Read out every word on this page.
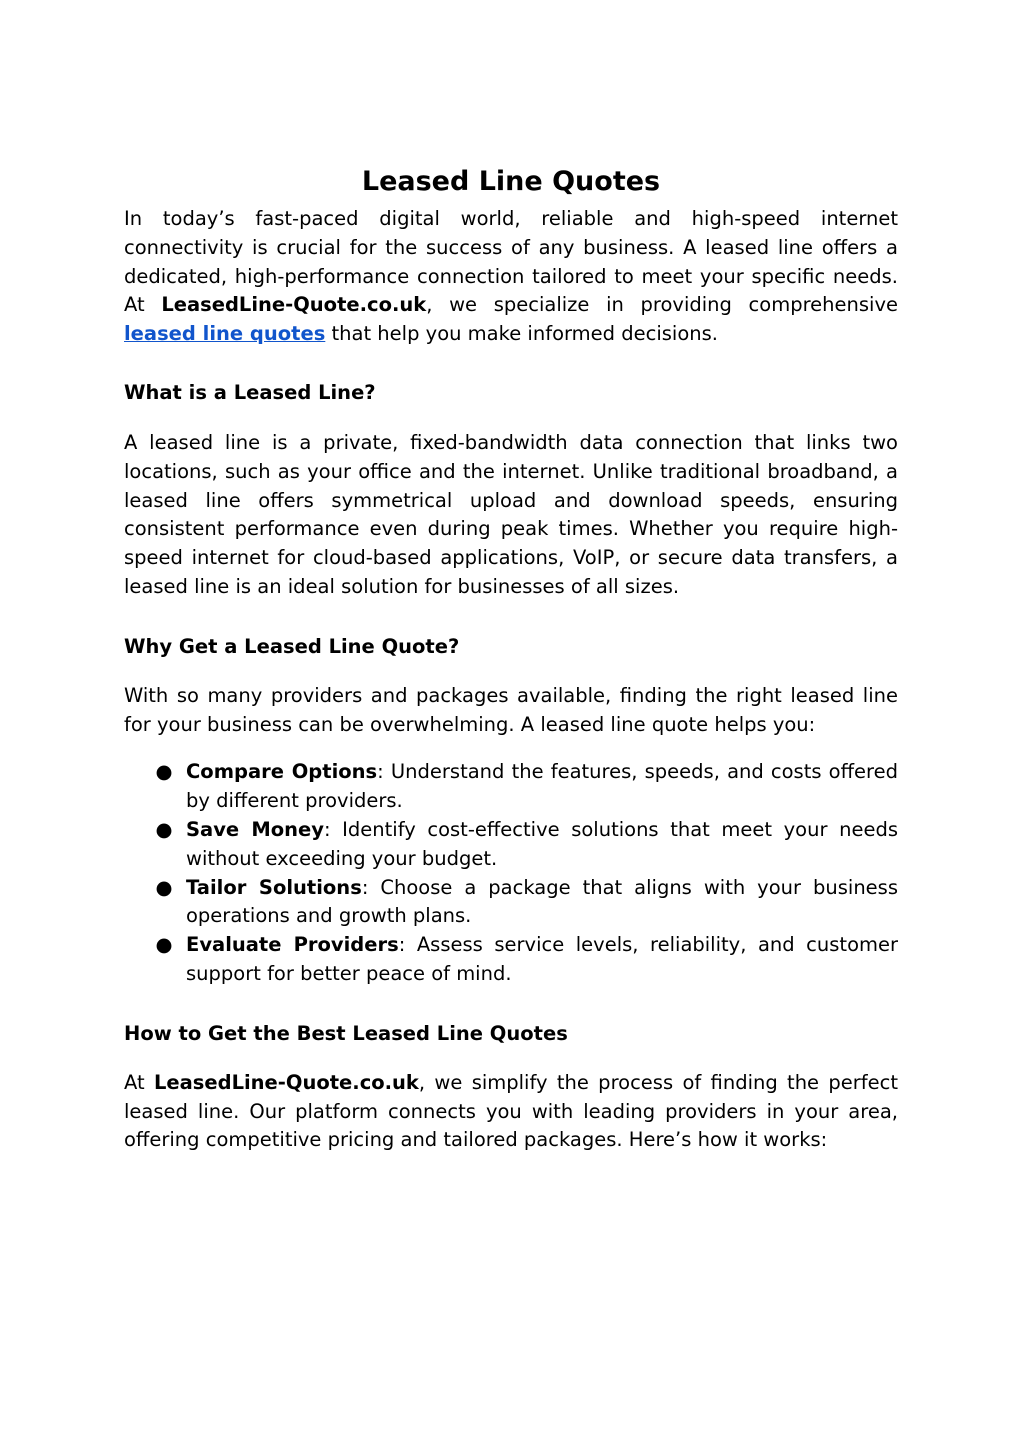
Leased Line Quotes

In today’s fast-paced digital world, reliable and high-speed internet connectivity is crucial for the success of any business. A leased line offers a dedicated, high-performance connection tailored to meet your specific needs. At LeasedLine-Quote.co.uk, we specialize in providing comprehensive leased line quotes that help you make informed decisions.

What is a Leased Line?

A leased line is a private, fixed-bandwidth data connection that links two locations, such as your office and the internet. Unlike traditional broadband, a leased line offers symmetrical upload and download speeds, ensuring consistent performance even during peak times. Whether you require high-speed internet for cloud-based applications, VoIP, or secure data transfers, a leased line is an ideal solution for businesses of all sizes.

Why Get a Leased Line Quote?

With so many providers and packages available, finding the right leased line for your business can be overwhelming. A leased line quote helps you:

● Compare Options: Understand the features, speeds, and costs offered by different providers.
● Save Money: Identify cost-effective solutions that meet your needs without exceeding your budget.
● Tailor Solutions: Choose a package that aligns with your business operations and growth plans.
● Evaluate Providers: Assess service levels, reliability, and customer support for better peace of mind.
How to Get the Best Leased Line Quotes

At LeasedLine-Quote.co.uk, we simplify the process of finding the perfect leased line. Our platform connects you with leading providers in your area, offering competitive pricing and tailored packages. Here’s how it works:
